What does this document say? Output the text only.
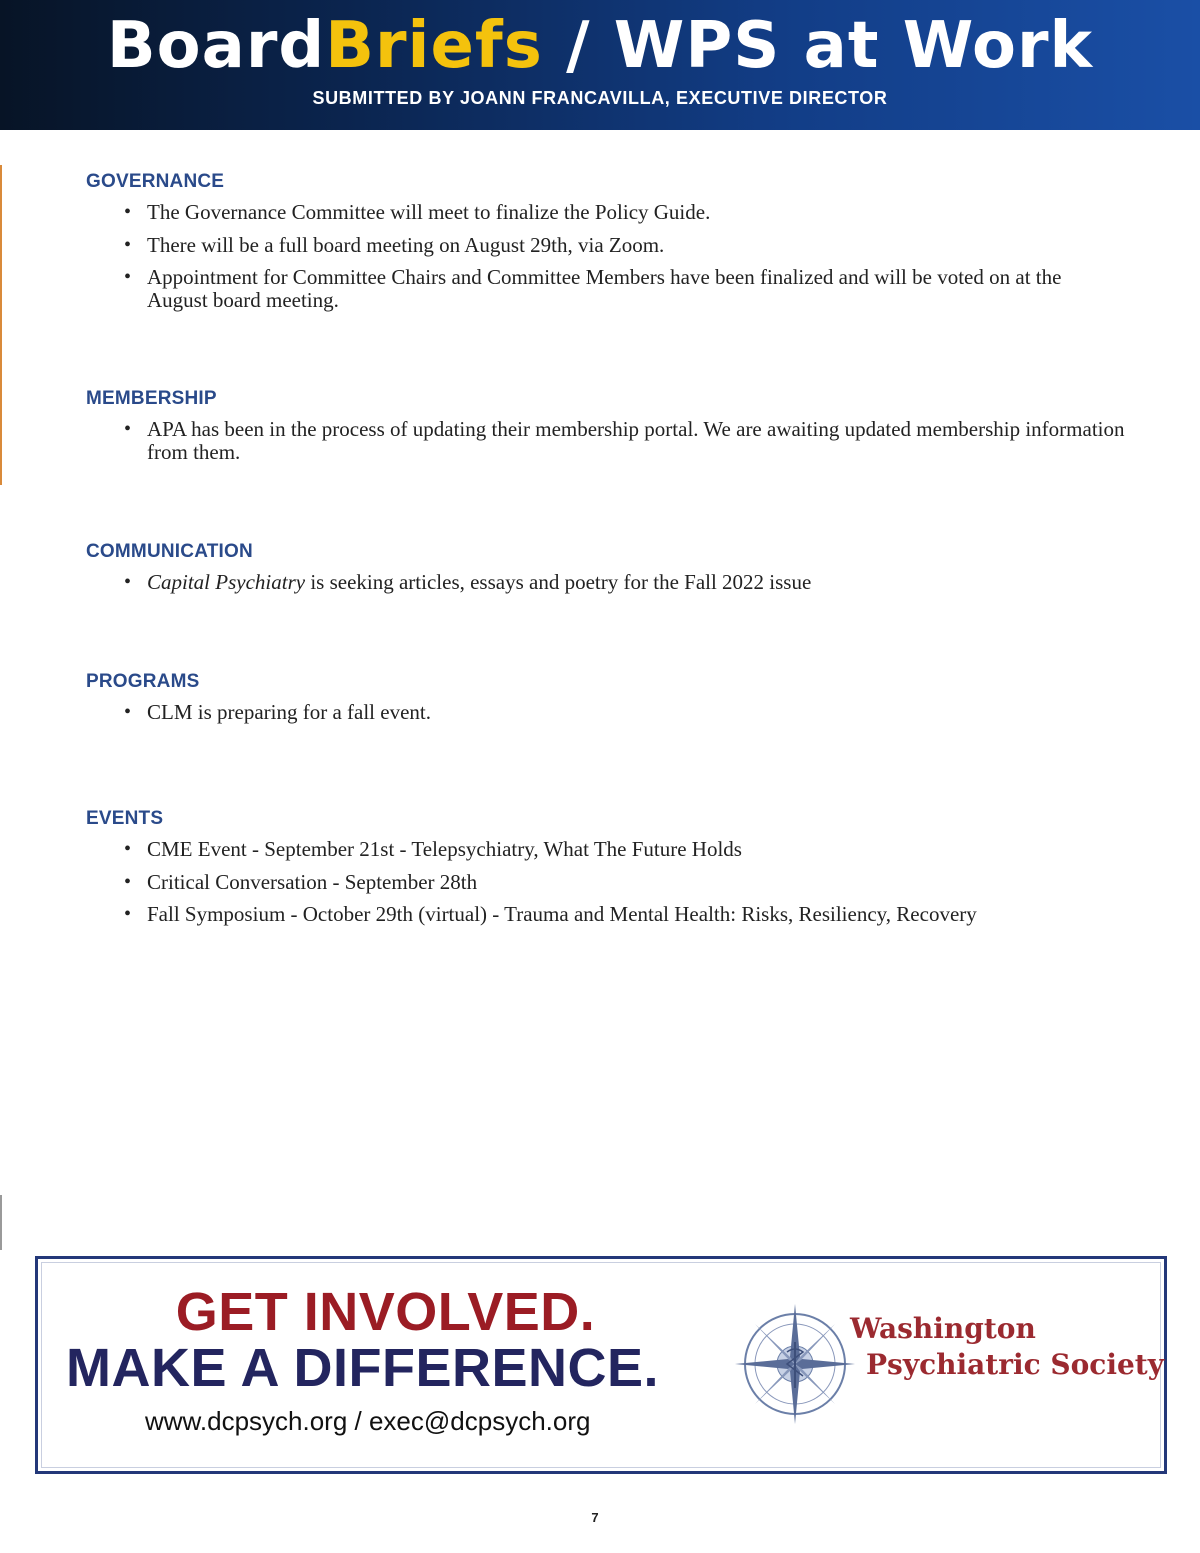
BoardBriefs / WPS at Work
SUBMITTED BY JOANN FRANCAVILLA, EXECUTIVE DIRECTOR
GOVERNANCE
• The Governance Committee will meet to finalize the Policy Guide.
• There will be a full board meeting on August 29th, via Zoom.
• Appointment for Committee Chairs and Committee Members have been finalized and will be voted on at the August board meeting.
MEMBERSHIP
• APA has been in the process of updating their membership portal. We are awaiting updated membership information from them.
COMMUNICATION
• Capital Psychiatry is seeking articles, essays and poetry for the Fall 2022 issue
PROGRAMS
• CLM is preparing for a fall event.
EVENTS
• CME Event - September 21st - Telepsychiatry, What The Future Holds
• Critical Conversation - September 28th
• Fall Symposium - October 29th (virtual) - Trauma and Mental Health: Risks, Resiliency, Recovery
GET INVOLVED.
MAKE A DIFFERENCE.
www.dcpsych.org / exec@dcpsych.org
Washington
Psychiatric Society
7
